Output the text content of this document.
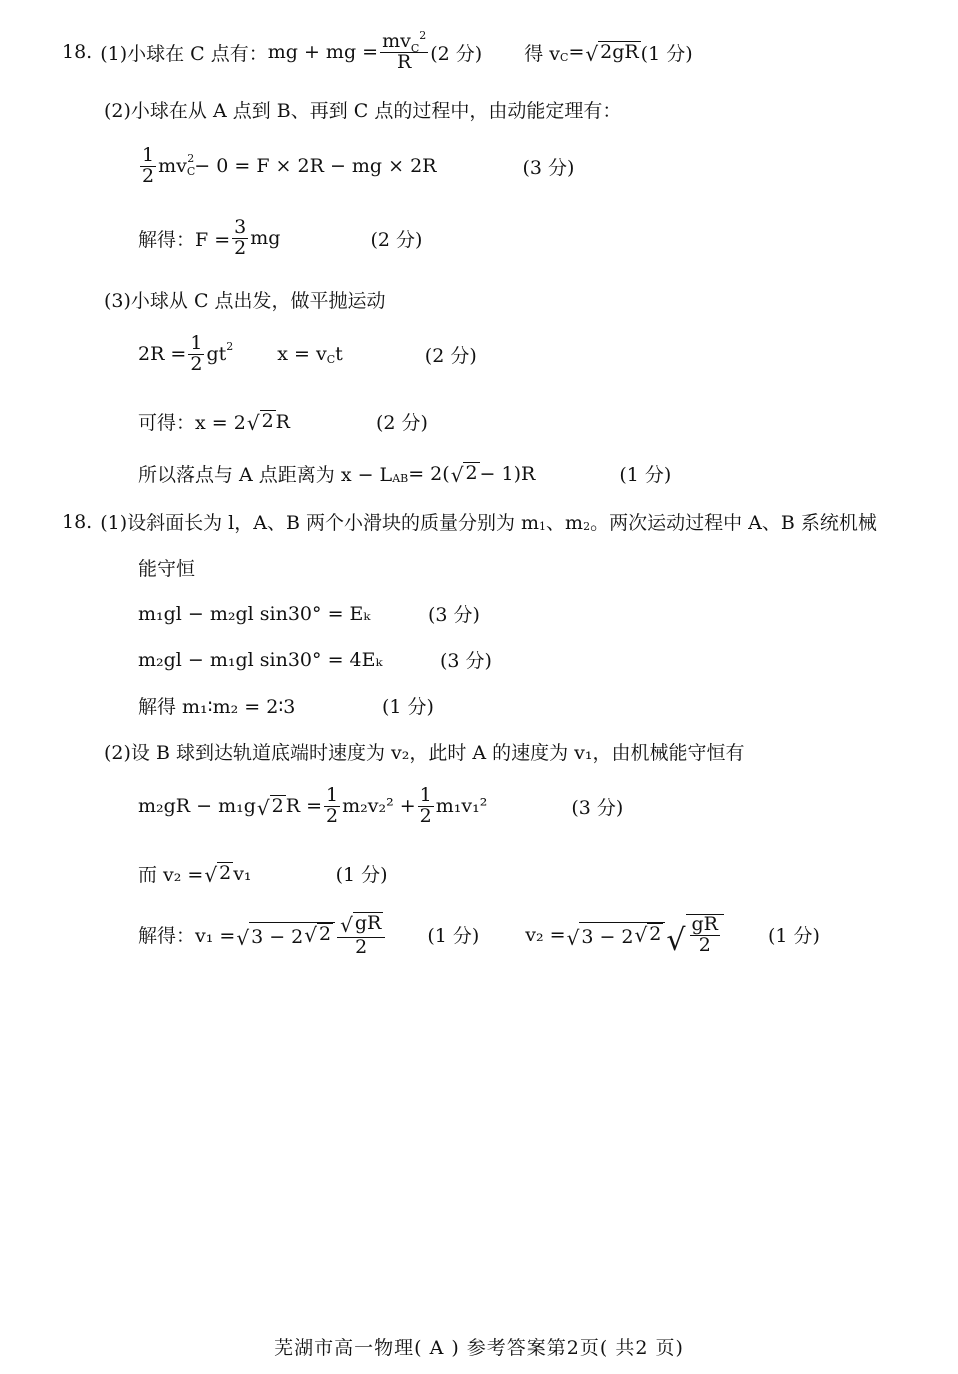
18. (1)小球在 C 点有： mg + mg = $\frac{mv_C^2}{R} (2$ 分) 得 v C = √ 2gR (1 分)
(2)小球在从 A 点到 B、再到 C 点的过程中，由动能定理有：
$\frac{1}{2}$ mv C
2 − 0 = F × 2R − mg × 2R	(3 分)
解得：$F = \frac{3}{2}$ mg	(2 分)
(3)小球从 C 点出发，做平抛运动
$2R = \frac{1}{2}$ gt 2 x = v C t	(2 分)
可得：x = 2 √ 2 R	(2 分)
所以落点与 A 点距离为 x − L AB = 2( √ 2 − 1)R	(1 分)
18. (1)设斜面长为 l，A、B 两个小滑块的质量分别为 m 1 、m 2 。两次运动过程中 A、B 系统机械
能守恒
m₁gl − m₂gl sin30° = Eₖ	(3 分)
m₂gl − m₁gl sin30° = 4Eₖ	(3 分)
解得 m₁∶m₂ = 2∶3	(1 分)
(2)设 B 球到达轨道底端时速度为 v₂，此时 A 的速度为 v₁，由机械能守恒有
m₂gR − m₁g √ 2 $R = \frac{1}{2} m_2v_2^2 + \frac{1}{2} m_1v_1^2$	(3 分)
而 v₂ = √ 2 v₁	(1 分)
解得：v₁ = √ 3 − 2 √ $2 \frac{√ gR}{2} (1$ 分) v₂ = √ 3 − 2 √ 2 √ $\frac{gR}{2}$	(1 分)
芜湖市高一物理( A ) 参考答案第2页( 共2 页)
